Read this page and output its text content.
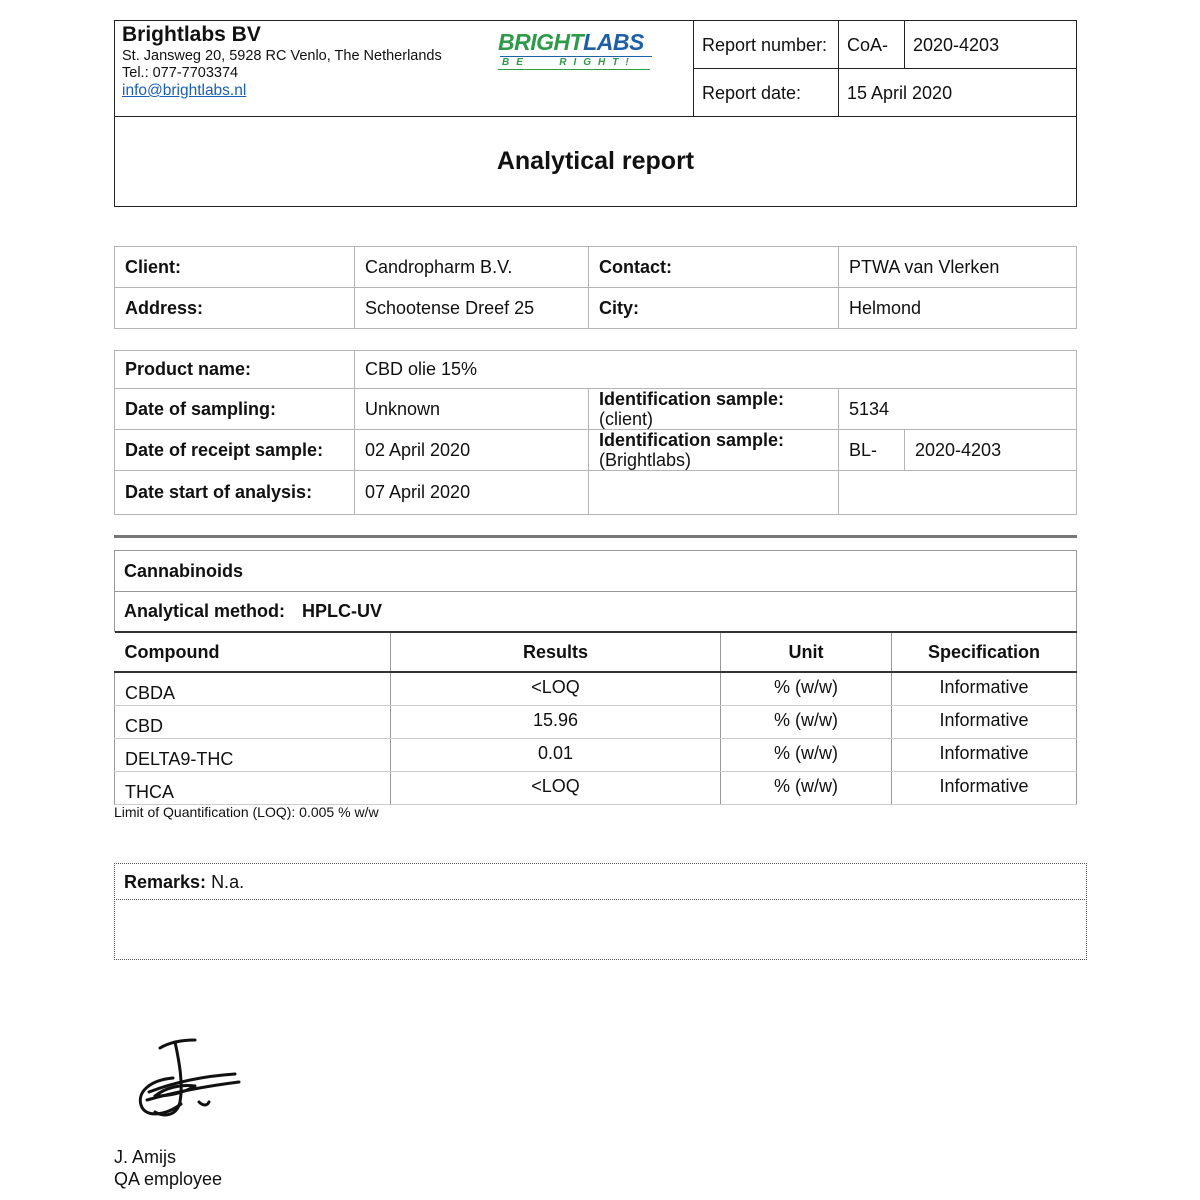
Brightlabs BV
St. Jansweg 20, 5928 RC Venlo, The Netherlands
Tel.: 077-7703374
info@brightlabs.nl
BRIGHTLABS
BE   RIGHT!
Report number: CoA- 2020-4203
Report date:	15 April 2020
Analytical report
Client:	Candropharm B.V.	Contact:	PTWA van Vlerken
Address:	Schootense Dreef 25	City:	Helmond
Product name:	CBD olie 15%			
Date of sampling:	Unknown	Identification sample:
(client)	5134	
Date of receipt sample:	02 April 2020	Identification sample:
(Brightlabs)	BL-	2020-4203
Date start of analysis:	07 April 2020			
Cannabinoids
Analytical method: HPLC-UV
Compound	Results	Unit	Specification
CBDA	<LOQ	% (w/w)	Informative
CBD	15.96	% (w/w)	Informative
DELTA9-THC	0.01	% (w/w)	Informative
THCA	<LOQ	% (w/w)	Informative
Limit of Quantification (LOQ): 0.005 % w/w
Remarks: N.a.
J. Amijs
QA employee
